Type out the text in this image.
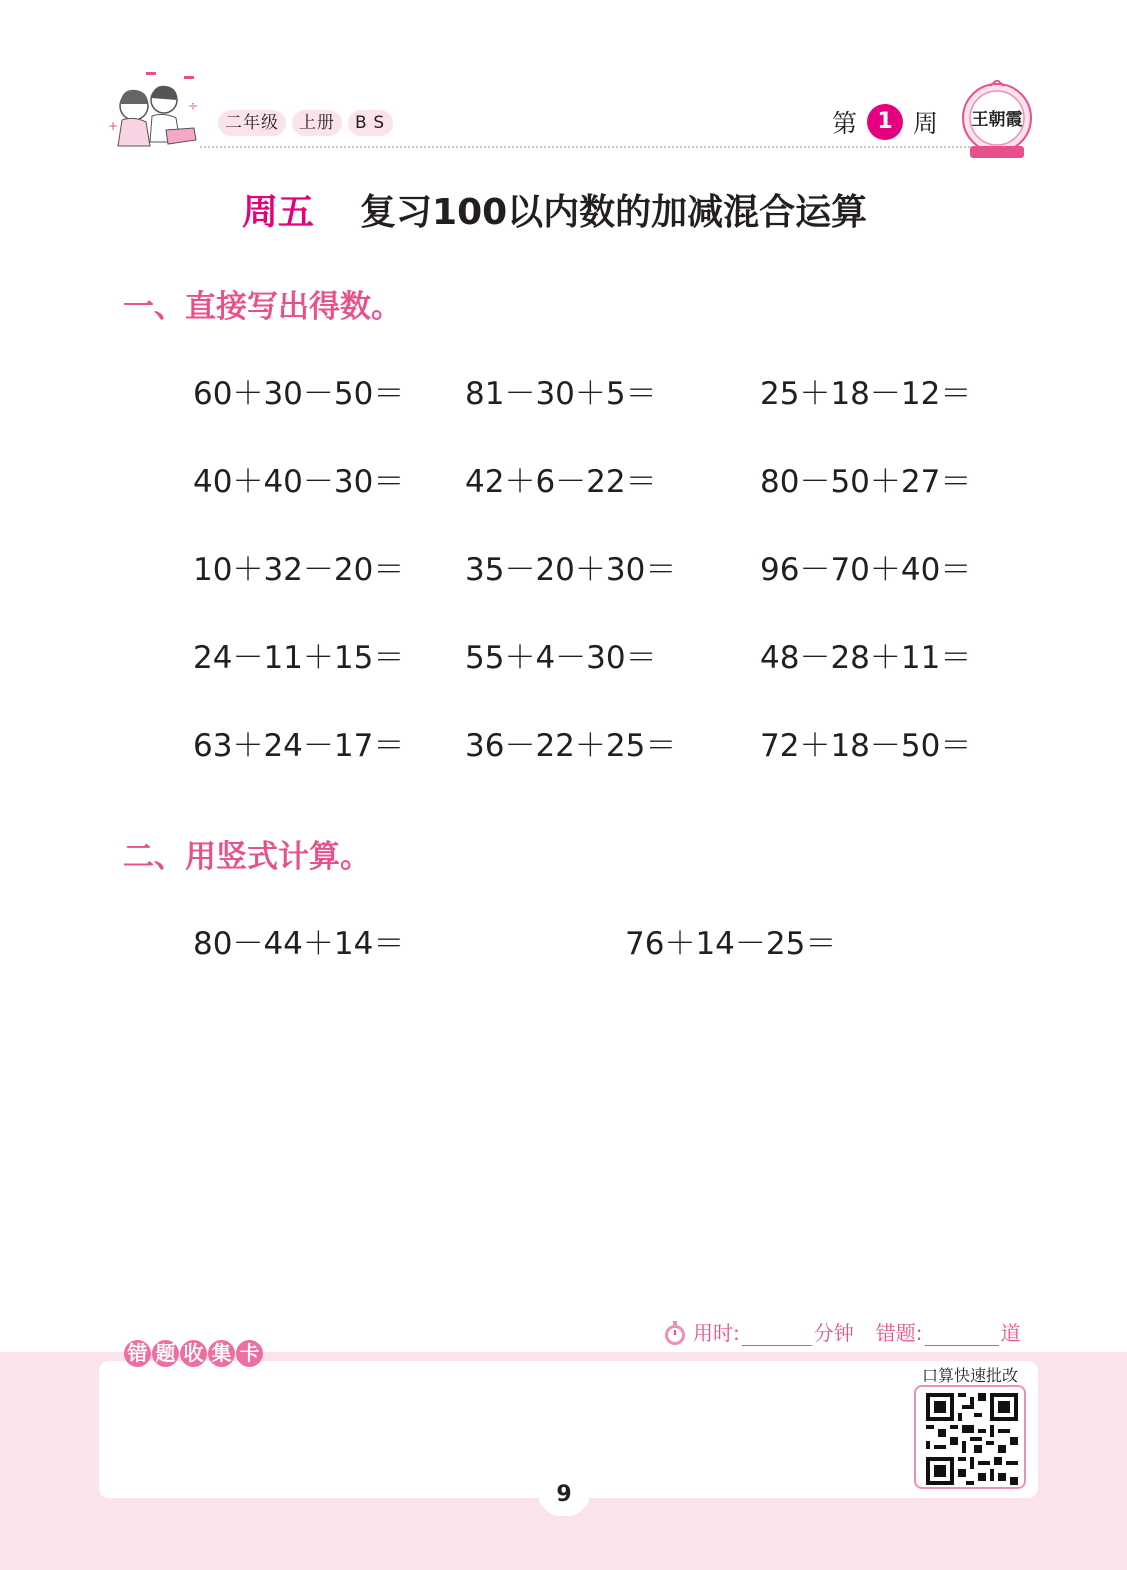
+
÷
二年级	上册	BS	第 1 周 王朝霞
周五 复习100以内数的加减混合运算
一、直接写出得数。
60＋30－50＝ 81－30＋5＝	25＋18－12＝
40＋40－30＝ 42＋6－22＝	80－50＋27＝
10＋32－20＝ 35－20＋30＝	96－70＋40＝
24－11＋15＝ 55＋4－30＝	48－28＋11＝
63＋24－17＝ 36－22＋25＝	72＋18－50＝
二、用竖式计算。
80－44＋14＝	76＋14－25＝
用时:	分钟 错题:	道
错 题 收 集 卡
口算快速批改
9
